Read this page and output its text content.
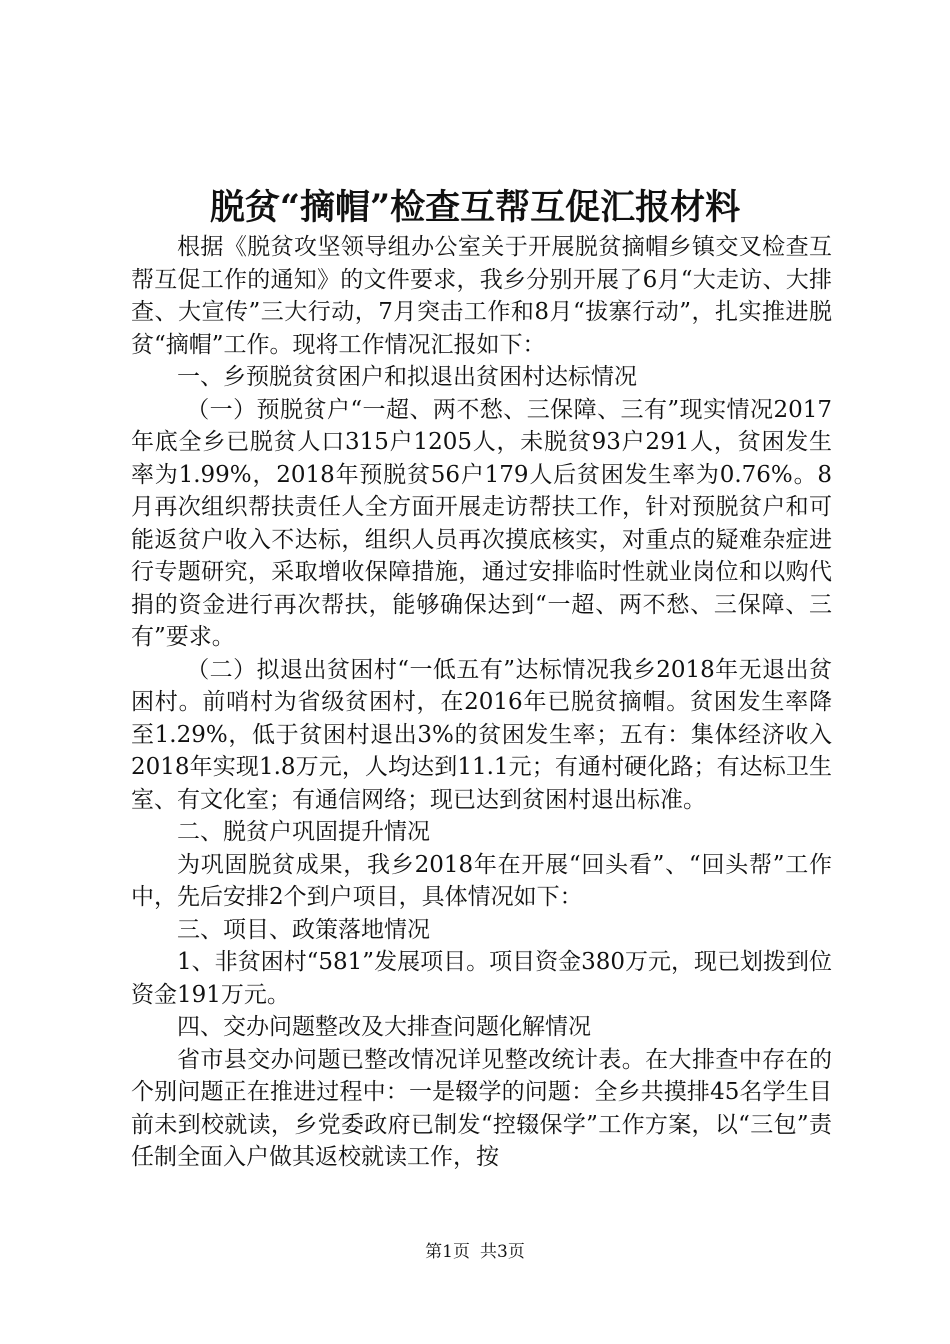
脱贫“摘帽”检查互帮互促汇报材料

根据《脱贫攻坚领导组办公室关于开展脱贫摘帽乡镇交叉检查互帮互促工作的通知》的文件要求，我乡分别开展了6月“大走访、大排查、大宣传”三大行动，7月突击工作和8月“拔寨行动”，扎实推进脱贫“摘帽”工作。现将工作情况汇报如下：

一、乡预脱贫贫困户和拟退出贫困村达标情况

（一）预脱贫户“一超、两不愁、三保障、三有”现实情况2017年底全乡已脱贫人口315户1205人，未脱贫93户291人，贫困发生率为1.99%，2018年预脱贫56户179人后贫困发生率为0.76%。8月再次组织帮扶责任人全方面开展走访帮扶工作，针对预脱贫户和可能返贫户收入不达标，组织人员再次摸底核实，对重点的疑难杂症进行专题研究，采取增收保障措施，通过安排临时性就业岗位和以购代捐的资金进行再次帮扶，能够确保达到“一超、两不愁、三保障、三有”要求。

（二）拟退出贫困村“一低五有”达标情况我乡2018年无退出贫困村。前哨村为省级贫困村，在2016年已脱贫摘帽。贫困发生率降至1.29%，低于贫困村退出3%的贫困发生率；五有：集体经济收入2018年实现1.8万元，人均达到11.1元；有通村硬化路；有达标卫生室、有文化室；有通信网络；现已达到贫困村退出标准。

二、脱贫户巩固提升情况

为巩固脱贫成果，我乡2018年在开展“回头看”、“回头帮”工作中，先后安排2个到户项目，具体情况如下：

三、项目、政策落地情况

1、非贫困村“581”发展项目。项目资金380万元，现已划拨到位资金191万元。

四、交办问题整改及大排查问题化解情况

省市县交办问题已整改情况详见整改统计表。在大排查中存在的个别问题正在推进过程中：一是辍学的问题：全乡共摸排45名学生目前未到校就读，乡党委政府已制发“控辍保学”工作方案，以“三包”责任制全面入户做其返校就读工作，按

第1页 共3页
